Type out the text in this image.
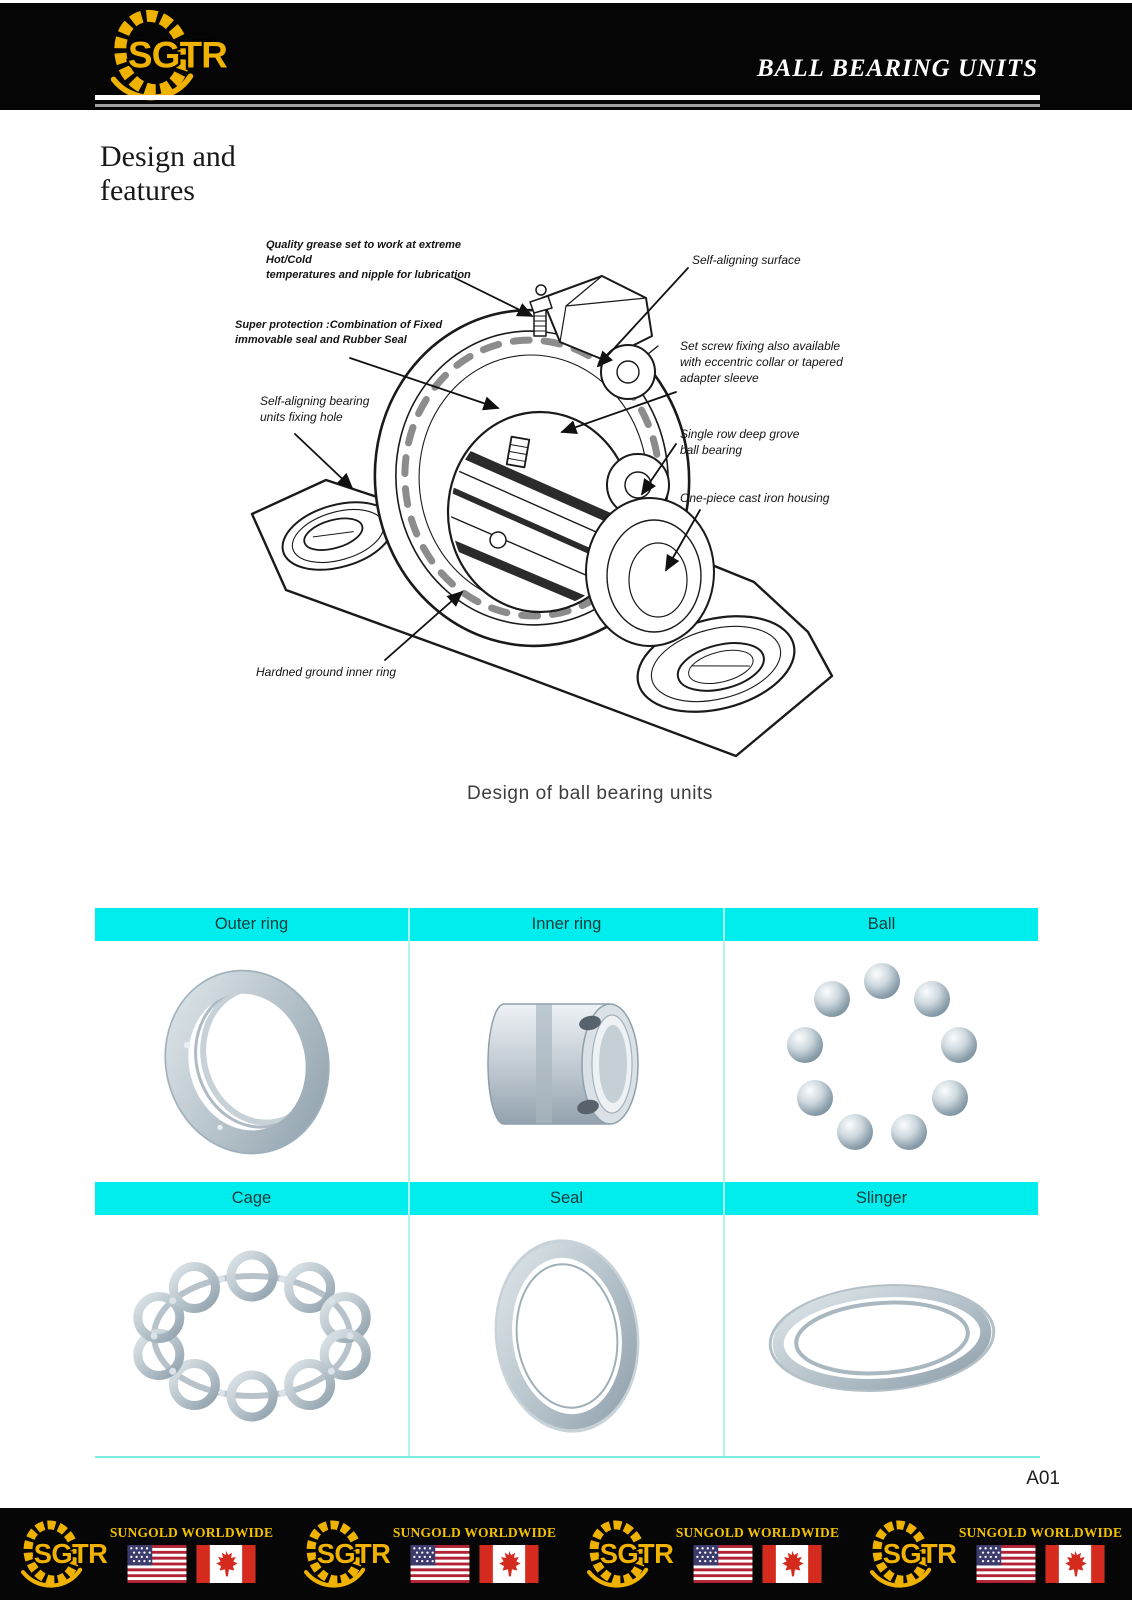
BALL BEARING UNITS
Design and
features
Quality grease set to work at extreme Hot/Cold
temperatures and nipple for lubrication
Self-aligning surface
Super protection :Combination of Fixed
immovable seal and Rubber Seal	Set screw fixing also available
with eccentric collar or tapered
adapter sleeve
Self-aligning bearing
units fixing hole
Single row deep grove
ball bearing
One-piece cast iron housing
Hardned ground inner ring
Design of ball bearing units
Outer ring	Inner ring	Ball
Cage	Seal	Slinger
A01
SUNGOLD WORLDWIDE	SUNGOLD WORLDWIDE	SUNGOLD WORLDWIDE	SUNGOLD WORLDWIDE
